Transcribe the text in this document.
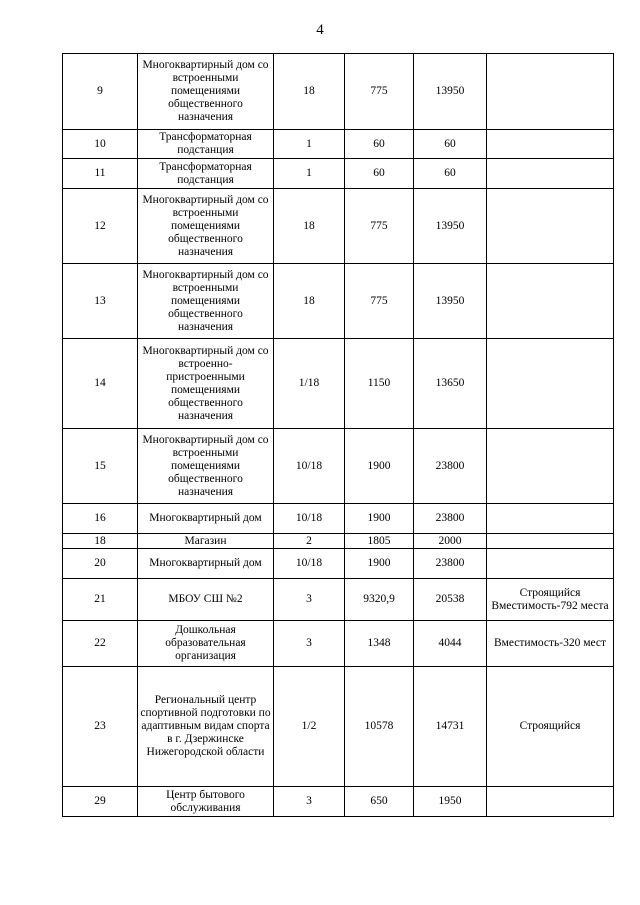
4
9	Многоквартирный дом со встроенными помещениями общественного назначения	18	775	13950	
10	Трансформаторная подстанция	1	60	60	
11	Трансформаторная подстанция	1	60	60	
12	Многоквартирный дом со встроенными помещениями общественного назначения	18	775	13950	
13	Многоквартирный дом со встроенными помещениями общественного назначения	18	775	13950	
14	Многоквартирный дом со встроенно-пристроенными помещениями общественного назначения	1/18	1150	13650	
15	Многоквартирный дом со встроенными помещениями общественного назначения	10/18	1900	23800	
16	Многоквартирный дом	10/18	1900	23800	
18	Магазин	2	1805	2000	
20	Многоквартирный дом	10/18	1900	23800	
21	МБОУ СШ №2	3	9320,9	20538	Строящийся Вместимость-792 места
22	Дошкольная образовательная организация	3	1348	4044	Вместимость-320 мест
23	Региональный центр спортивной подготовки по адаптивным видам спорта в г. Дзержинске Нижегородской области	1/2	10578	14731	Строящийся
29	Центр бытового обслуживания	3	650	1950	
